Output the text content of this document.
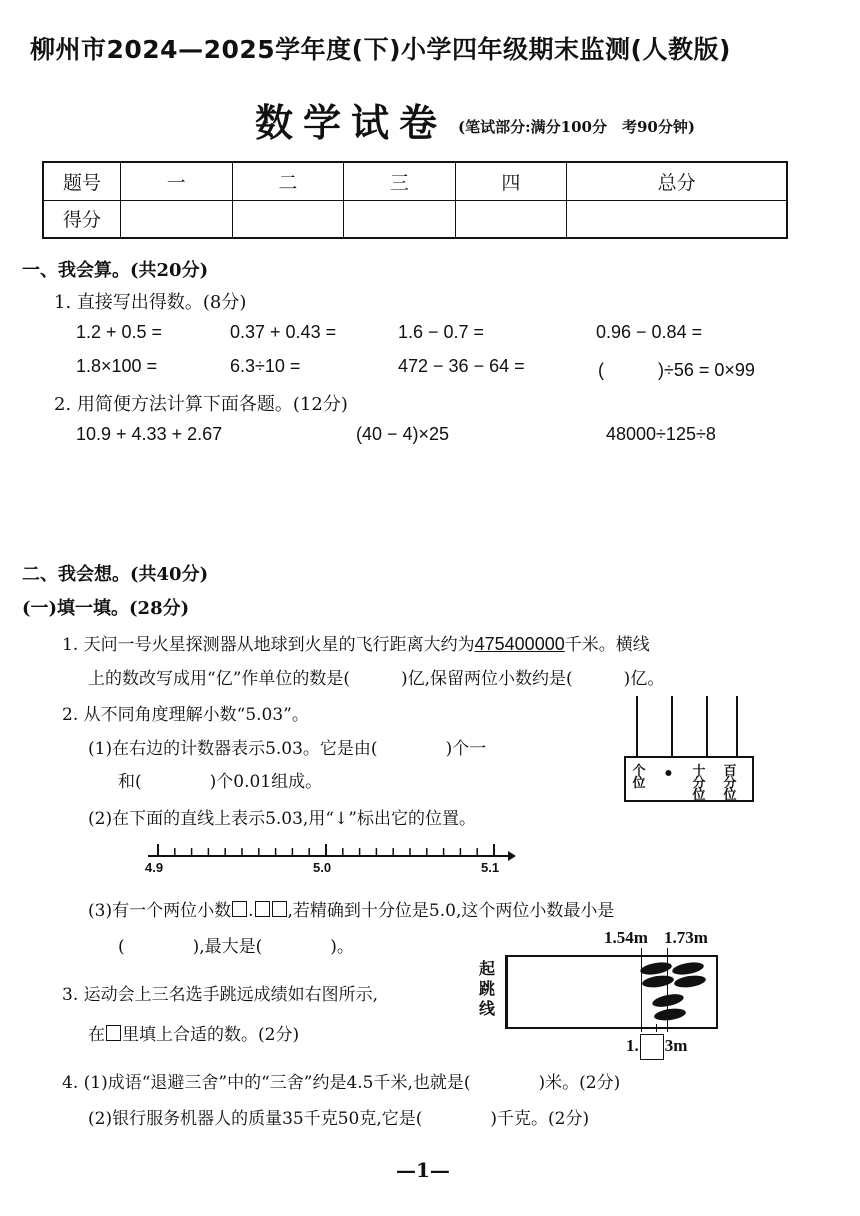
柳州市2024—2025学年度(下)小学四年级期末监测(人教版)
数学试卷 (笔试部分:满分100分　考90分钟)
题号	一	二	三	四	总分
得分					
一、我会算。(共20分)
1. 直接写出得数。(8分)
1.2 + 0.5 =	0.37 + 0.43 =	1.6 − 0.7 =	0.96 − 0.84 =
1.8×100 =	6.3÷10 =	472 − 36 − 64 =	(　　　)÷56 = 0×99
2. 用简便方法计算下面各题。(12分)
10.9 + 4.33 + 2.67	(40 − 4)×25	48000÷125÷8
二、我会想。(共40分)
(一)填一填。(28分)
1. 天问一号火星探测器从地球到火星的飞行距离大约为475400000千米。横线
上的数改写成用“亿”作单位的数是(　　　)亿,保留两位小数约是(　　　)亿。
2. 从不同角度理解小数“5.03”。
(1)在右边的计数器表示5.03。它是由(　　　　)个一
和(　　　　)个0.01组成。
(2)在下面的直线上表示5.03,用“↓”标出它的位置。
个位 •	十分位
百分位
4.9	5.0	5.1
(3)有一个两位小数 . ,若精确到十分位是5.0,这个两位小数最小是
(　　　　),最大是(　　　　)。
3. 运动会上三名选手跳远成绩如右图所示,
在 里填上合适的数。(2分)
1.54m 1.73m
起
跳
线
1. 3m
4. (1)成语“退避三舍”中的“三舍”约是4.5千米,也就是(　　　　)米。(2分)
(2)银行服务机器人的质量35千克50克,它是(　　　　)千克。(2分)
—1—
